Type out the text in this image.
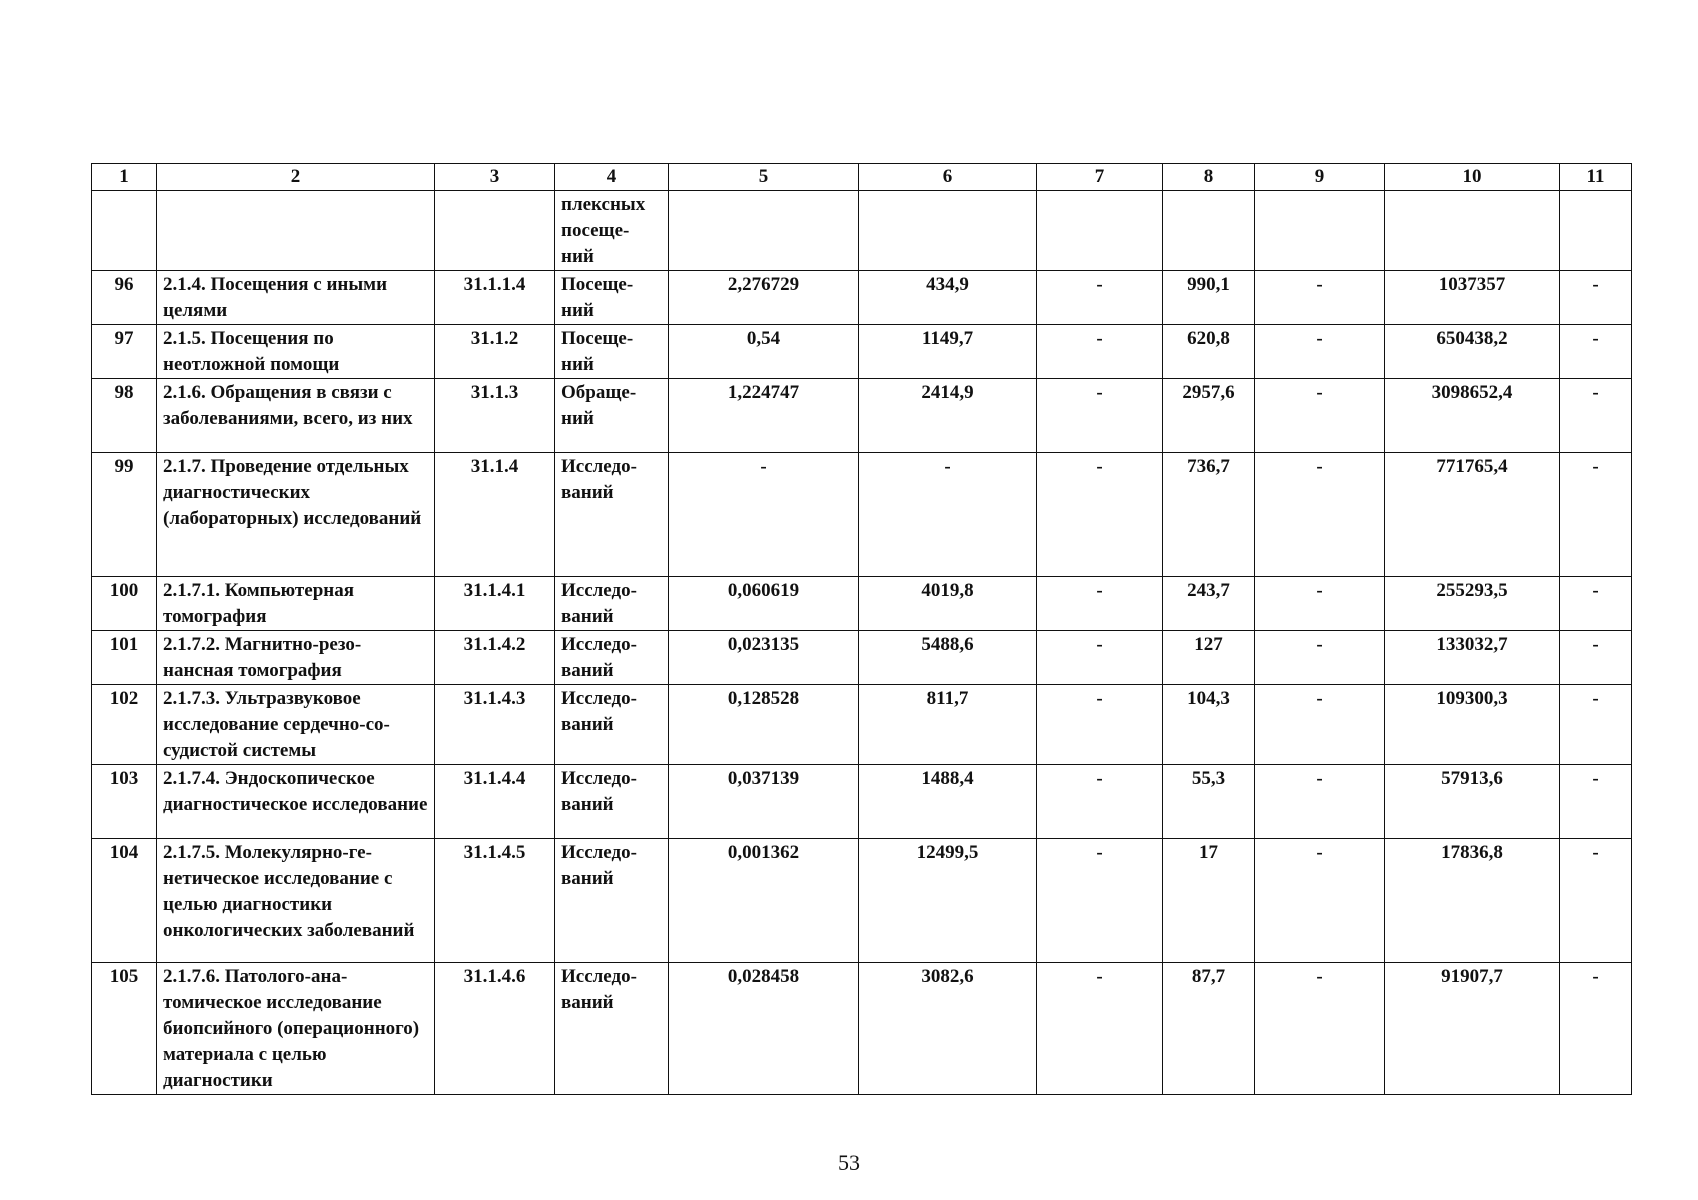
1	2	3	4	5	6	7	8	9	10	11
			плексных посеще-ний							
96	2.1.4. Посещения с иными целями	31.1.1.4	Посеще-ний	2,276729	434,9	-	990,1	-	1037357	-
97	2.1.5. Посещения по неотложной помощи	31.1.2	Посеще-ний	0,54	1149,7	-	620,8	-	650438,2	-
98	2.1.6. Обращения в связи с заболеваниями, всего, из них	31.1.3	Обраще-ний	1,224747	2414,9	-	2957,6	-	3098652,4	-
99	2.1.7. Проведение отдельных диагностических (лабораторных) исследований	31.1.4	Исследо-ваний	-	-	-	736,7	-	771765,4	-
100	2.1.7.1. Компьютерная томография	31.1.4.1	Исследо-ваний	0,060619	4019,8	-	243,7	-	255293,5	-
101	2.1.7.2. Магнитно-резо-нансная томография	31.1.4.2	Исследо-ваний	0,023135	5488,6	-	127	-	133032,7	-
102	2.1.7.3. Ультразвуковое исследование сердечно-со-судистой системы	31.1.4.3	Исследо-ваний	0,128528	811,7	-	104,3	-	109300,3	-
103	2.1.7.4. Эндоскопическое диагностическое исследование	31.1.4.4	Исследо-ваний	0,037139	1488,4	-	55,3	-	57913,6	-
104	2.1.7.5. Молекулярно-ге-нетическое исследование с целью диагностики онкологических заболеваний	31.1.4.5	Исследо-ваний	0,001362	12499,5	-	17	-	17836,8	-
105	2.1.7.6. Патолого-ана-томическое исследование биопсийного (операционного) материала с целью диагностики	31.1.4.6	Исследо-ваний	0,028458	3082,6	-	87,7	-	91907,7	-
53
